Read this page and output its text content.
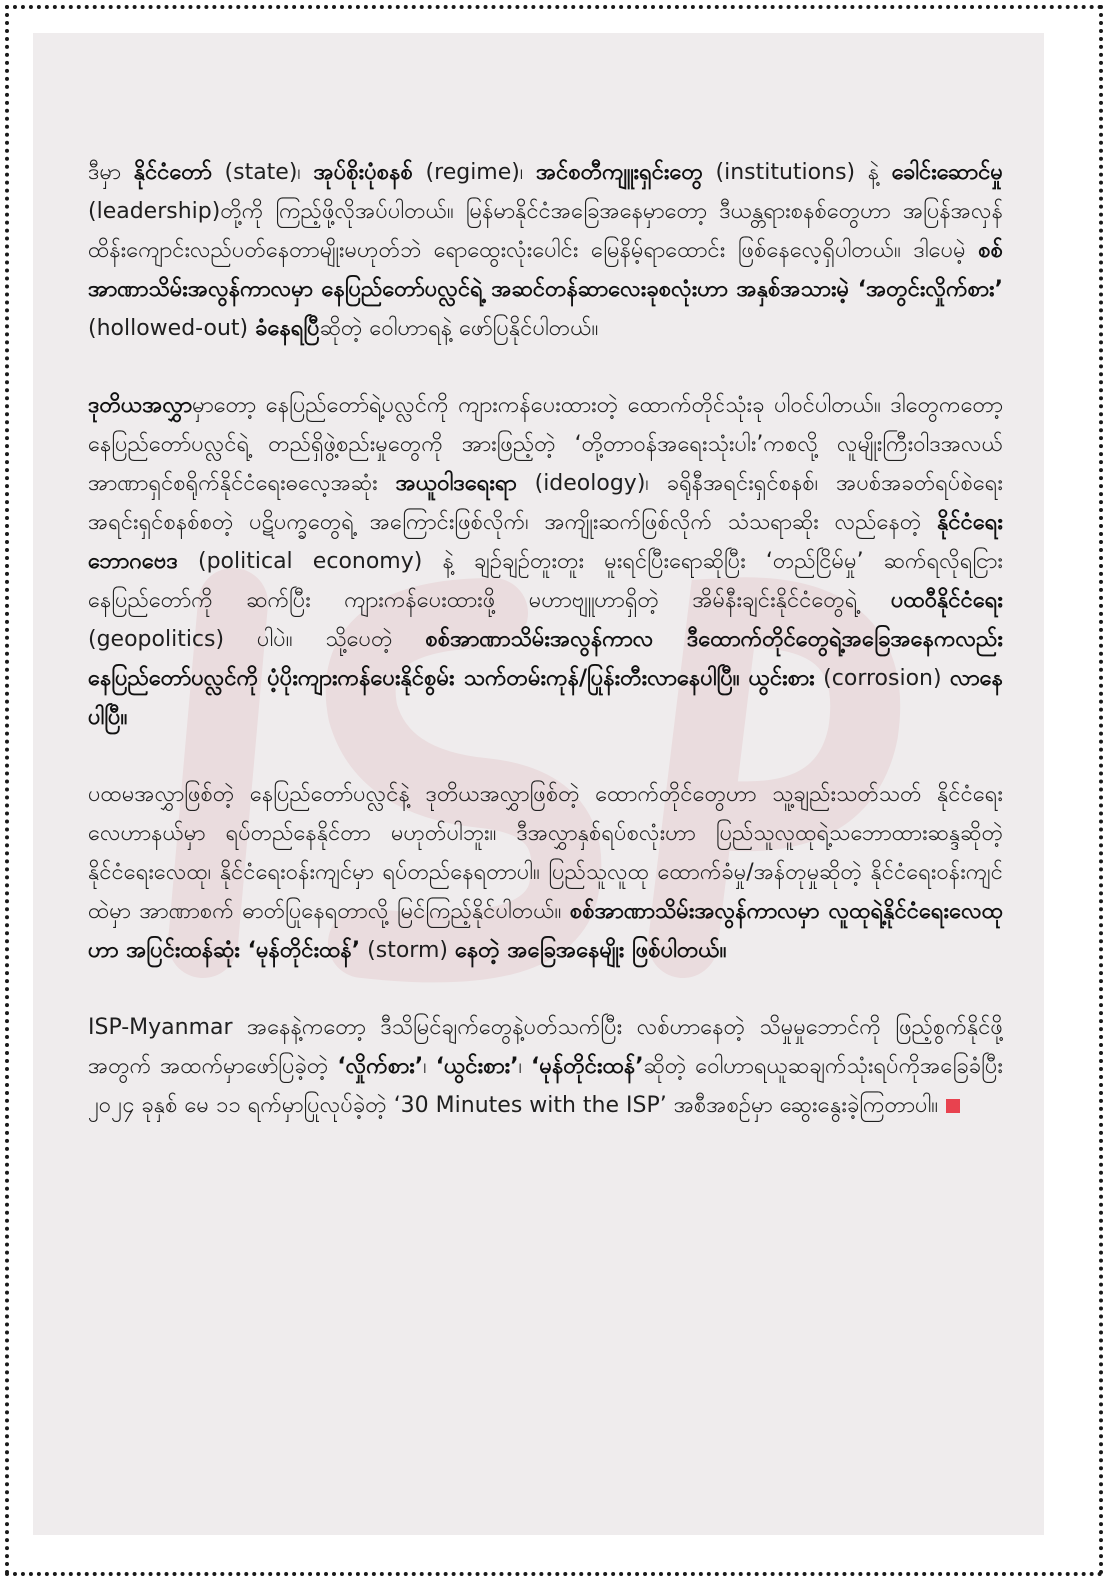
ဒီမှာ နိုင်ငံတော် (state)၊ အုပ်စိုးပုံစနစ် (regime)၊ အင်စတီကျူးရှင်းတွေ (institutions) နဲ့ ခေါင်းဆောင်မှု (leadership)တို့ကို ကြည့်ဖို့လိုအပ်ပါတယ်။ မြန်မာနိုင်ငံအခြေအနေမှာတော့ ဒီယန္တရားစနစ်တွေဟာ အပြန်အလှန် ထိန်းကျောင်းလည်ပတ်နေတာမျိုးမဟုတ်ဘဲ ရောထွေးလုံးပေါင်း မြေနိမ့်ရာထောင်း ဖြစ်နေလေ့ရှိပါတယ်။ ဒါပေမဲ့ စစ်အာဏာသိမ်းအလွန်ကာလမှာ နေပြည်တော်ပလ္လင်ရဲ့ အဆင်တန်ဆာလေးခုစလုံးဟာ အနှစ်အသားမဲ့ ‘အတွင်းလှိုက်စား’ (hollowed-out) ခံနေရပြီဆိုတဲ့ ဝေါဟာရနဲ့ ဖော်ပြနိုင်ပါတယ်။

ဒုတိယအလွှာမှာတော့ နေပြည်တော်ရဲ့ပလ္လင်ကို ကျားကန်ပေးထားတဲ့ ထောက်တိုင်သုံးခု ပါဝင်ပါတယ်။ ဒါတွေကတော့ နေပြည်တော်ပလ္လင်ရဲ့ တည်ရှိဖွဲ့စည်းမှုတွေကို အားဖြည့်တဲ့ ‘တို့တာဝန်အရေးသုံးပါး’ကစလို့ လူမျိုးကြီးဝါဒအလယ် အာဏာရှင်စရိုက်နိုင်ငံရေးဓလေ့အဆုံး အယူဝါဒရေးရာ (ideology)၊ ခရိုနီအရင်းရှင်စနစ်၊ အပစ်အခတ်ရပ်စဲရေး အရင်းရှင်စနစ်စတဲ့ ပဋိပက္ခတွေရဲ့ အကြောင်းဖြစ်လိုက်၊ အကျိုးဆက်ဖြစ်လိုက် သံသရာဆိုး လည်နေတဲ့ နိုင်ငံရေးဘောဂဗေဒ (political economy) နဲ့ ချဉ်ချဉ်တူးတူး မူးရင်ပြီးရောဆိုပြီး ‘တည်ငြိမ်မှု’ ဆက်ရလိုရငြား နေပြည်တော်ကို ဆက်ပြီး ကျားကန်ပေးထားဖို့ မဟာဗျူဟာရှိတဲ့ အိမ်နီးချင်းနိုင်ငံတွေရဲ့ ပထဝီနိုင်ငံရေး (geopolitics) ပါပဲ။ သို့ပေတဲ့ စစ်အာဏာသိမ်းအလွန်ကာလ ဒီထောက်တိုင်တွေရဲ့အခြေအနေကလည်း နေပြည်တော်ပလ္လင်ကို ပံ့ပိုးကျားကန်ပေးနိုင်စွမ်း သက်တမ်းကုန်/ပြုန်းတီးလာနေပါပြီ။ ယွင်းစား (corrosion) လာနေပါပြီ။

ပထမအလွှာဖြစ်တဲ့ နေပြည်တော်ပလ္လင်နဲ့ ဒုတိယအလွှာဖြစ်တဲ့ ထောက်တိုင်တွေဟာ သူ့ချည်းသတ်သတ် နိုင်ငံရေးလေဟာနယ်မှာ ရပ်တည်နေနိုင်တာ မဟုတ်ပါဘူး။ ဒီအလွှာနှစ်ရပ်စလုံးဟာ ပြည်သူလူထုရဲ့သဘောထားဆန္ဒဆိုတဲ့ နိုင်ငံရေးလေထု၊ နိုင်ငံရေးဝန်းကျင်မှာ ရပ်တည်နေရတာပါ။ ပြည်သူလူထု ထောက်ခံမှု/အန်တုမှုဆိုတဲ့ နိုင်ငံရေးဝန်းကျင်ထဲမှာ အာဏာစက် ဓာတ်ပြုနေရတာလို့ မြင်ကြည့်နိုင်ပါတယ်။ စစ်အာဏာသိမ်းအလွန်ကာလမှာ လူထုရဲ့နိုင်ငံရေးလေထုဟာ အပြင်းထန်ဆုံး ‘မုန်တိုင်းထန်’ (storm) နေတဲ့ အခြေအနေမျိုး ဖြစ်ပါတယ်။

ISP-Myanmar အနေနဲ့ကတော့ ဒီသိမြင်ချက်တွေနဲ့ပတ်သက်ပြီး လစ်ဟာနေတဲ့ သိမှုမှုဘောင်ကို ဖြည့်စွက်နိုင်ဖို့အတွက် အထက်မှာဖော်ပြခဲ့တဲ့ ‘လှိုက်စား’၊ ‘ယွင်းစား’၊ ‘မုန်တိုင်းထန်’ဆိုတဲ့ ဝေါဟာရယူဆချက်သုံးရပ်ကိုအခြေခံပြီး ၂၀၂၄ ခုနှစ် မေ ၁၁ ရက်မှာပြုလုပ်ခဲ့တဲ့ ‘30 Minutes with the ISP’ အစီအစဉ်မှာ ဆွေးနွေးခဲ့ကြတာပါ။
